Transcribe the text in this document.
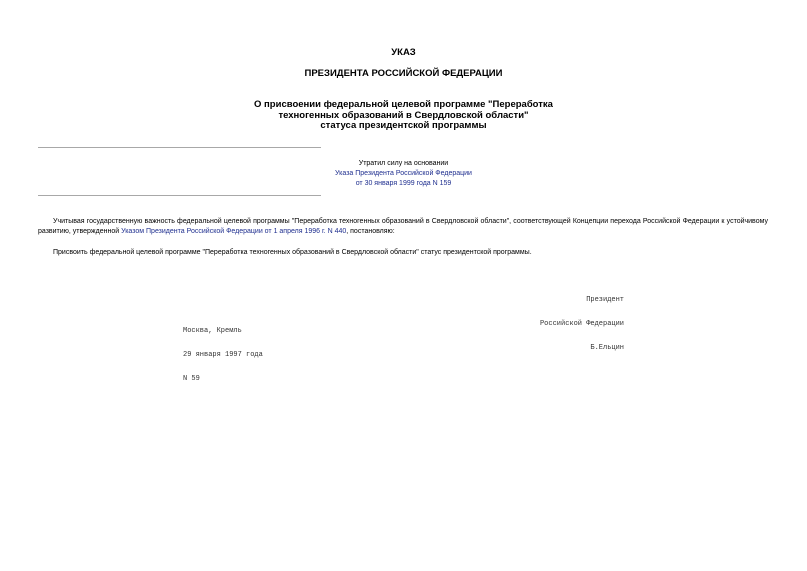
УКАЗ
ПРЕЗИДЕНТА РОССИЙСКОЙ ФЕДЕРАЦИИ
О присвоении федеральной целевой программе "Переработка
техногенных образований в Свердловской области"
статуса президентской программы
Утратил силу на основании
Указа Президента Российской Федерации
от 30 января 1999 года N 159
Учитывая государственную важность федеральной целевой программы "Переработка техногенных образований в Свердловской области", соответствующей Концепции перехода Российской Федерации к устойчивому развитию, утвержденной Указом Президента Российской Федерации от 1 апреля 1996 г. N 440, постановляю:
Присвоить федеральной целевой программе "Переработка техногенных образований в Свердловской области" статус президентской программы.

Президент

Российской Федерации

Б.Ельцин

Москва, Кремль

29 января 1997 года

N 59
